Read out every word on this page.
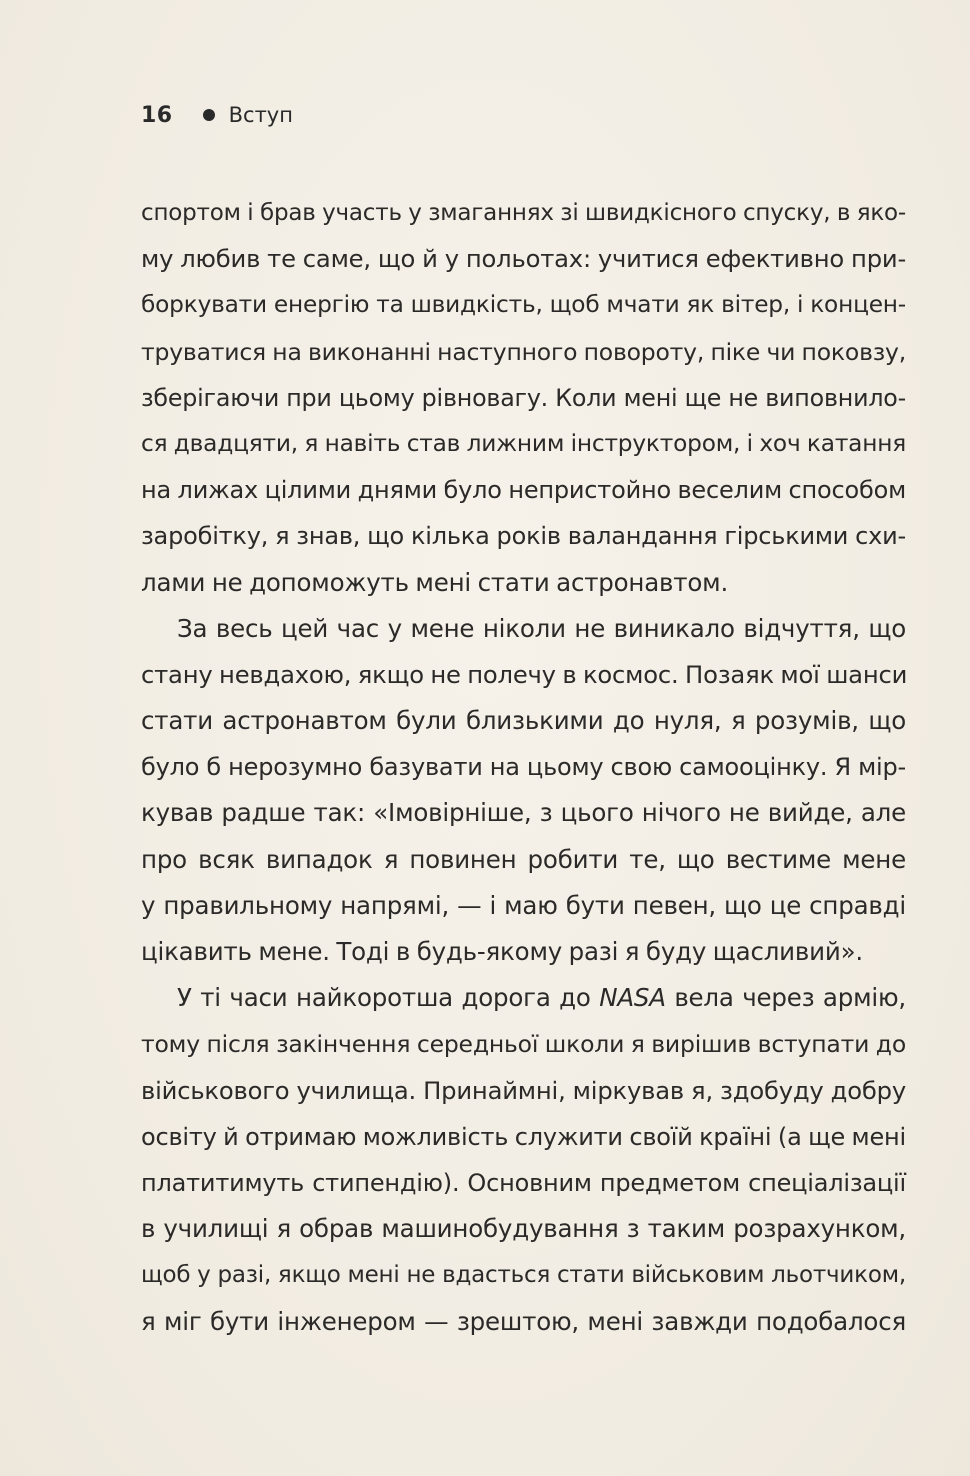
16	Вступ
спортом і брав участь у змаганнях зі швидкісного спуску, в яко-
му любив те саме, що й у польотах: учитися ефективно при-
боркувати енергію та швидкість, щоб мчати як вітер, і концен-
труватися на виконанні наступного повороту, піке чи поковзу,
зберігаючи при цьому рівновагу. Коли мені ще не виповнило-
ся двадцяти, я навіть став лижним інструктором, і хоч катання
на лижах цілими днями було непристойно веселим способом
заробітку, я знав, що кілька років валандання гірськими схи-
лами не допоможуть мені стати астронавтом.
За весь цей час у мене ніколи не виникало відчуття, що
стану невдахою, якщо не полечу в космос. Позаяк мої шанси
стати астронавтом були близькими до нуля, я розумів, що
було б нерозумно базувати на цьому свою самооцінку. Я мір-
кував радше так: «Імовірніше, з цього нічого не вийде, але
про всяк випадок я повинен робити те, що вестиме мене
у правильному напрямі, — і маю бути певен, що це справді
цікавить мене. Тоді в будь-якому разі я буду щасливий».
У ті часи найкоротша дорога до NASA вела через армію,
тому після закінчення середньої школи я вирішив вступати до
військового училища. Принаймні, міркував я, здобуду добру
освіту й отримаю можливість служити своїй країні (а ще мені
платитимуть стипендію). Основним предметом спеціалізації
в училищі я обрав машинобудування з таким розрахунком,
щоб у разі, якщо мені не вдасться стати військовим льотчиком,
я міг бути інженером — зрештою, мені завжди подобалося
